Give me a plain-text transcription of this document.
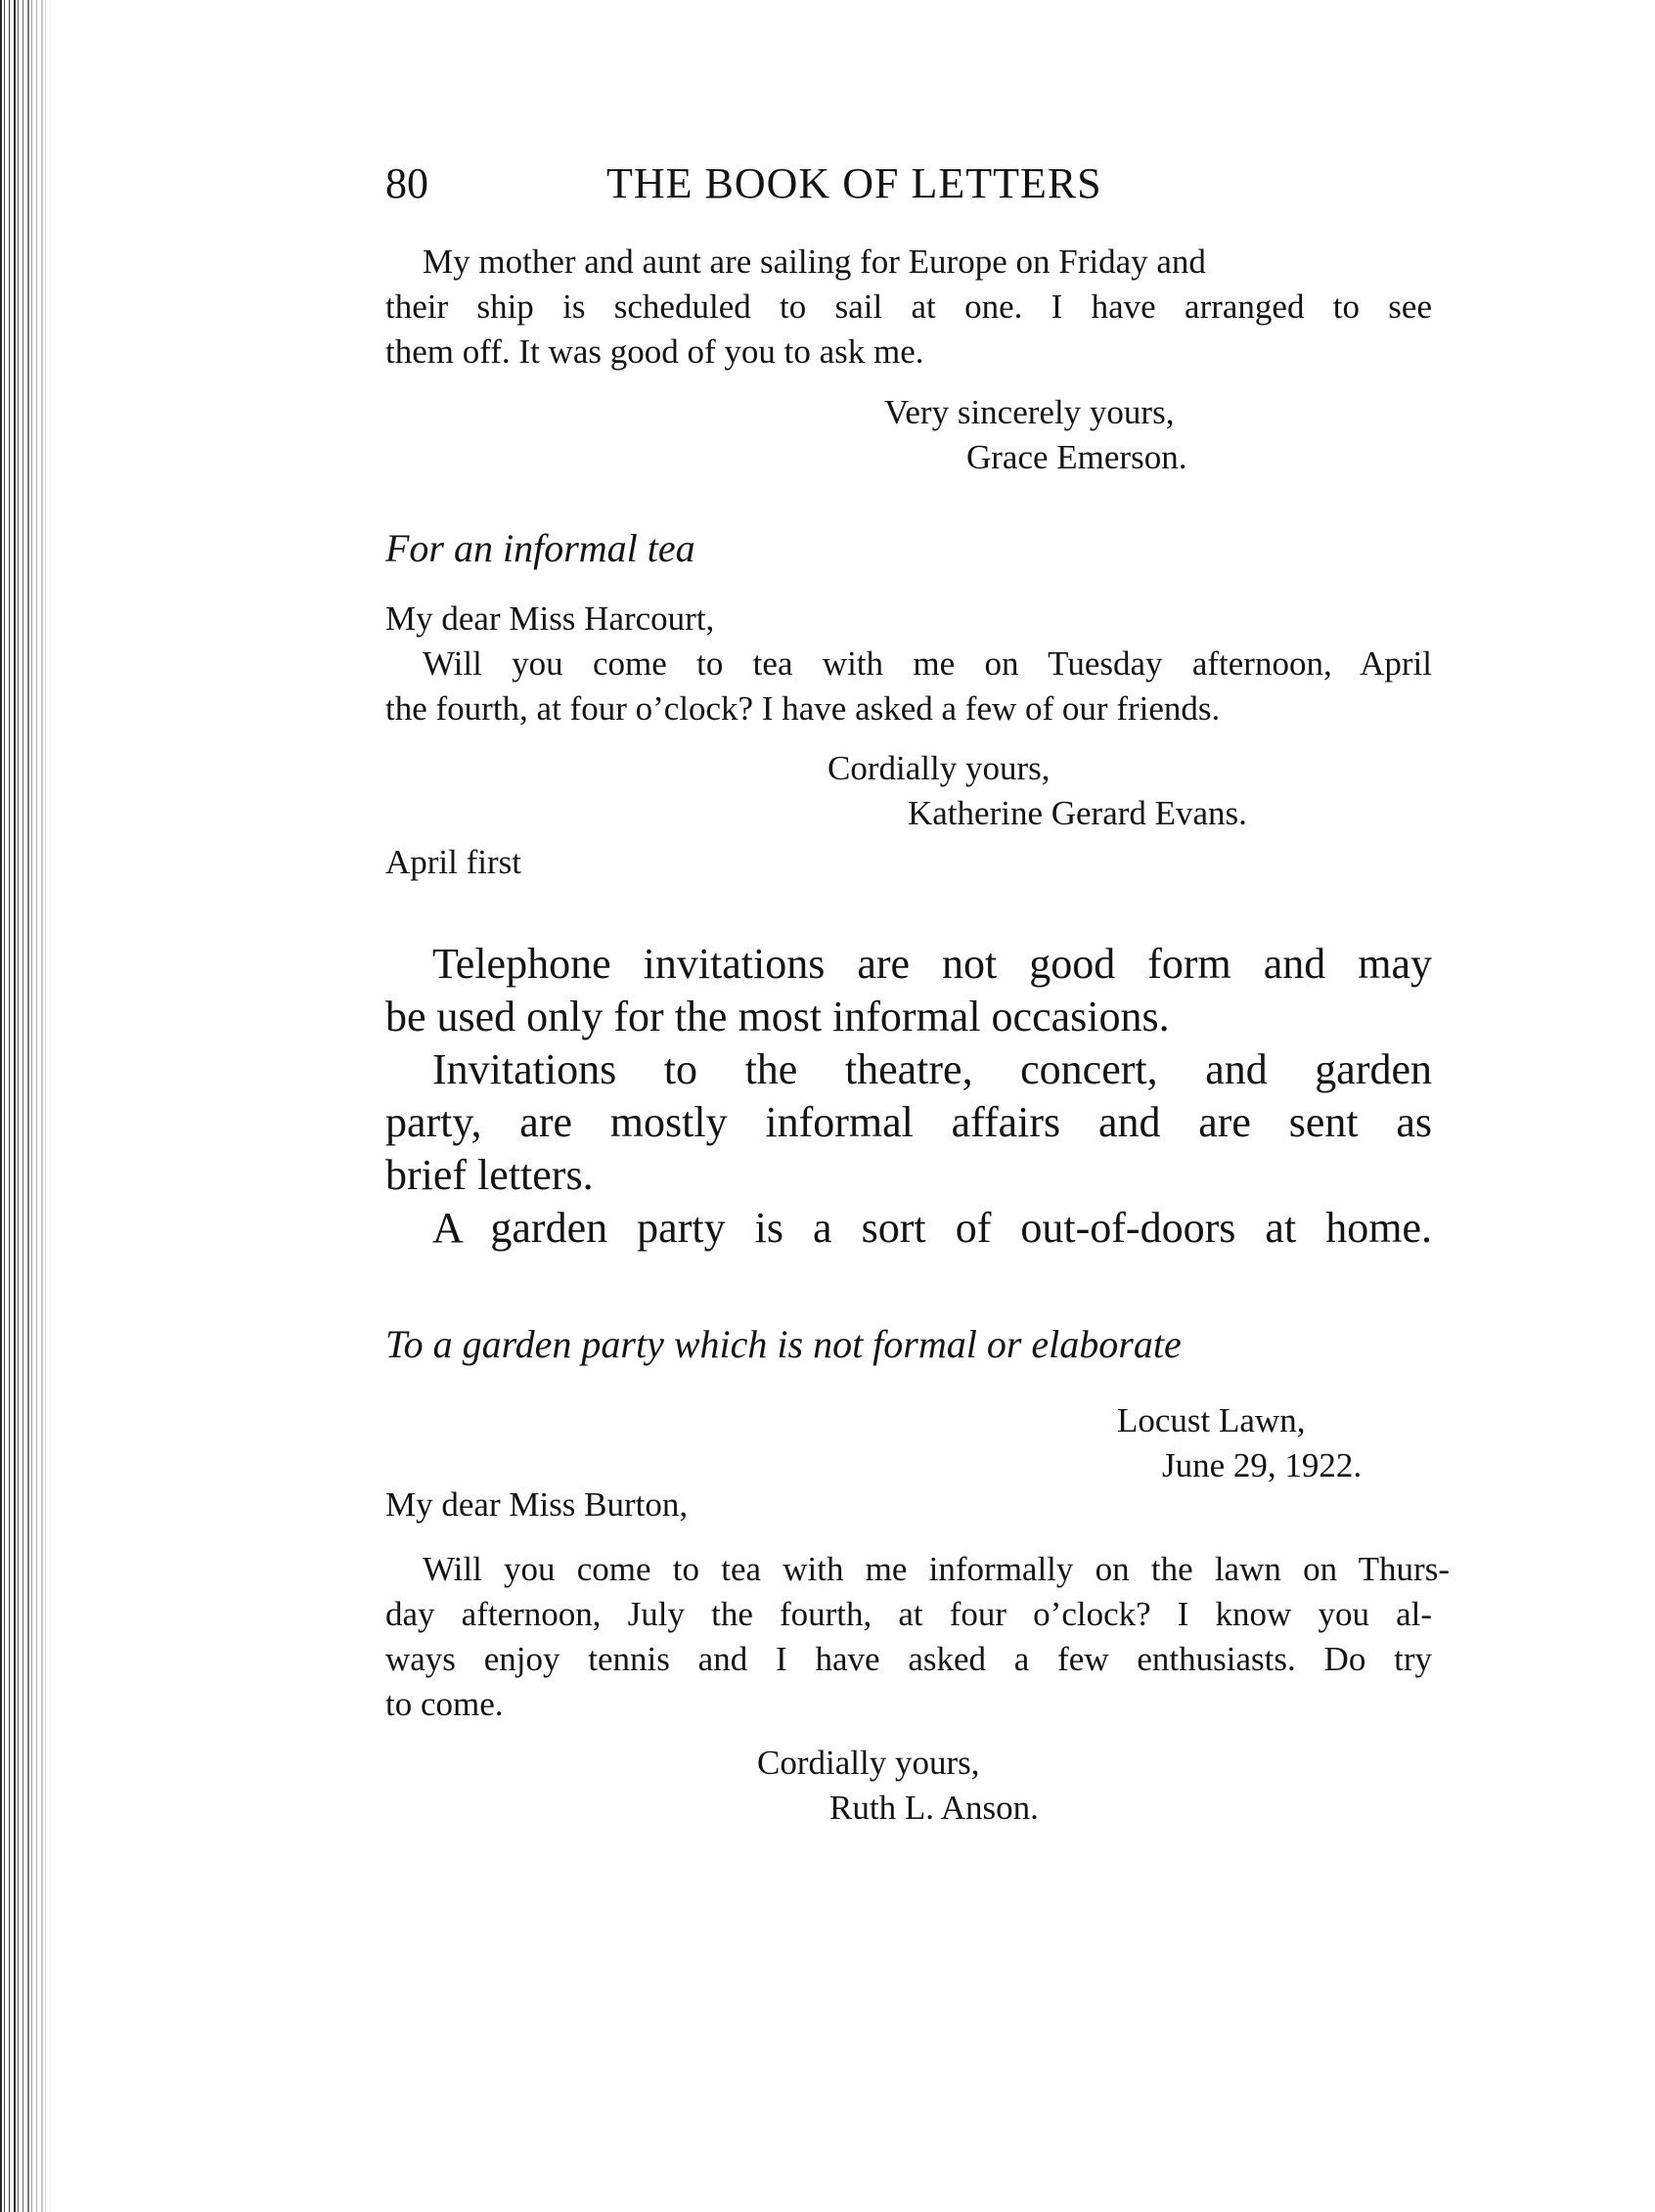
80	THE BOOK OF LETTERS

My mother and aunt are sailing for Europe on Friday and

their ship is scheduled to sail at one. I have arranged to see

them off. It was good of you to ask me.

Very sincerely yours,

Grace Emerson.

For an informal tea

My dear Miss Harcourt,

Will you come to tea with me on Tuesday afternoon, April

the fourth, at four o’clock? I have asked a few of our friends.

Cordially yours,

Katherine Gerard Evans.

April first

Telephone invitations are not good form and may

be used only for the most informal occasions.

Invitations to the theatre, concert, and garden

party, are mostly informal affairs and are sent as

brief letters.

A garden party is a sort of out-of-doors at home.

To a garden party which is not formal or elaborate

Locust Lawn,

June 29, 1922.

My dear Miss Burton,

Will you come to tea with me informally on the lawn on Thurs-

day afternoon, July the fourth, at four o’clock? I know you al-

ways enjoy tennis and I have asked a few enthusiasts. Do try

to come.

Cordially yours,

Ruth L. Anson.
